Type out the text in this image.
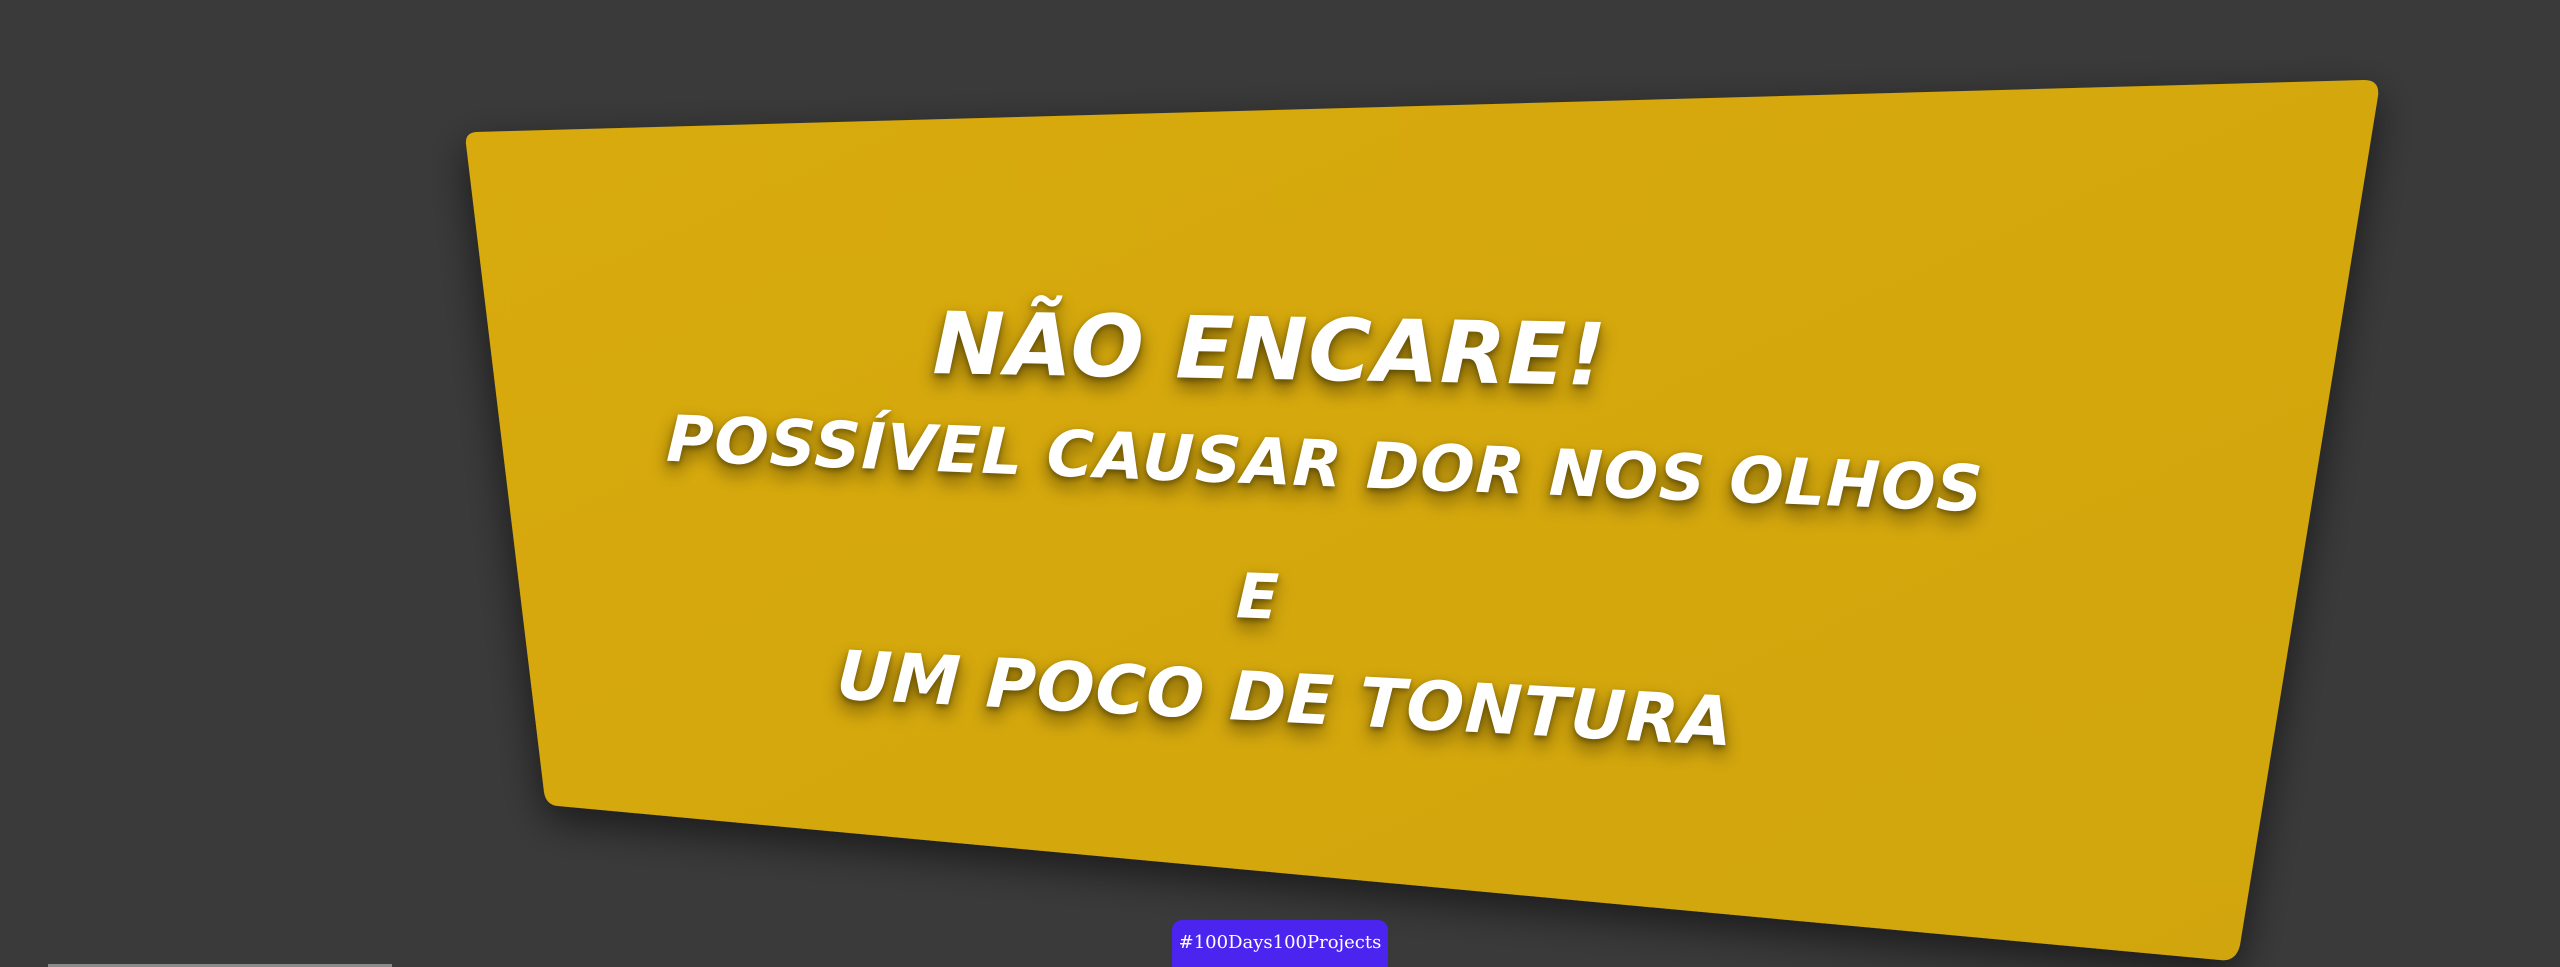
NÃO ENCARE!
POSSÍVEL CAUSAR DOR NOS OLHOS
E
UM POCO DE TONTURA
#100Days100Projects
